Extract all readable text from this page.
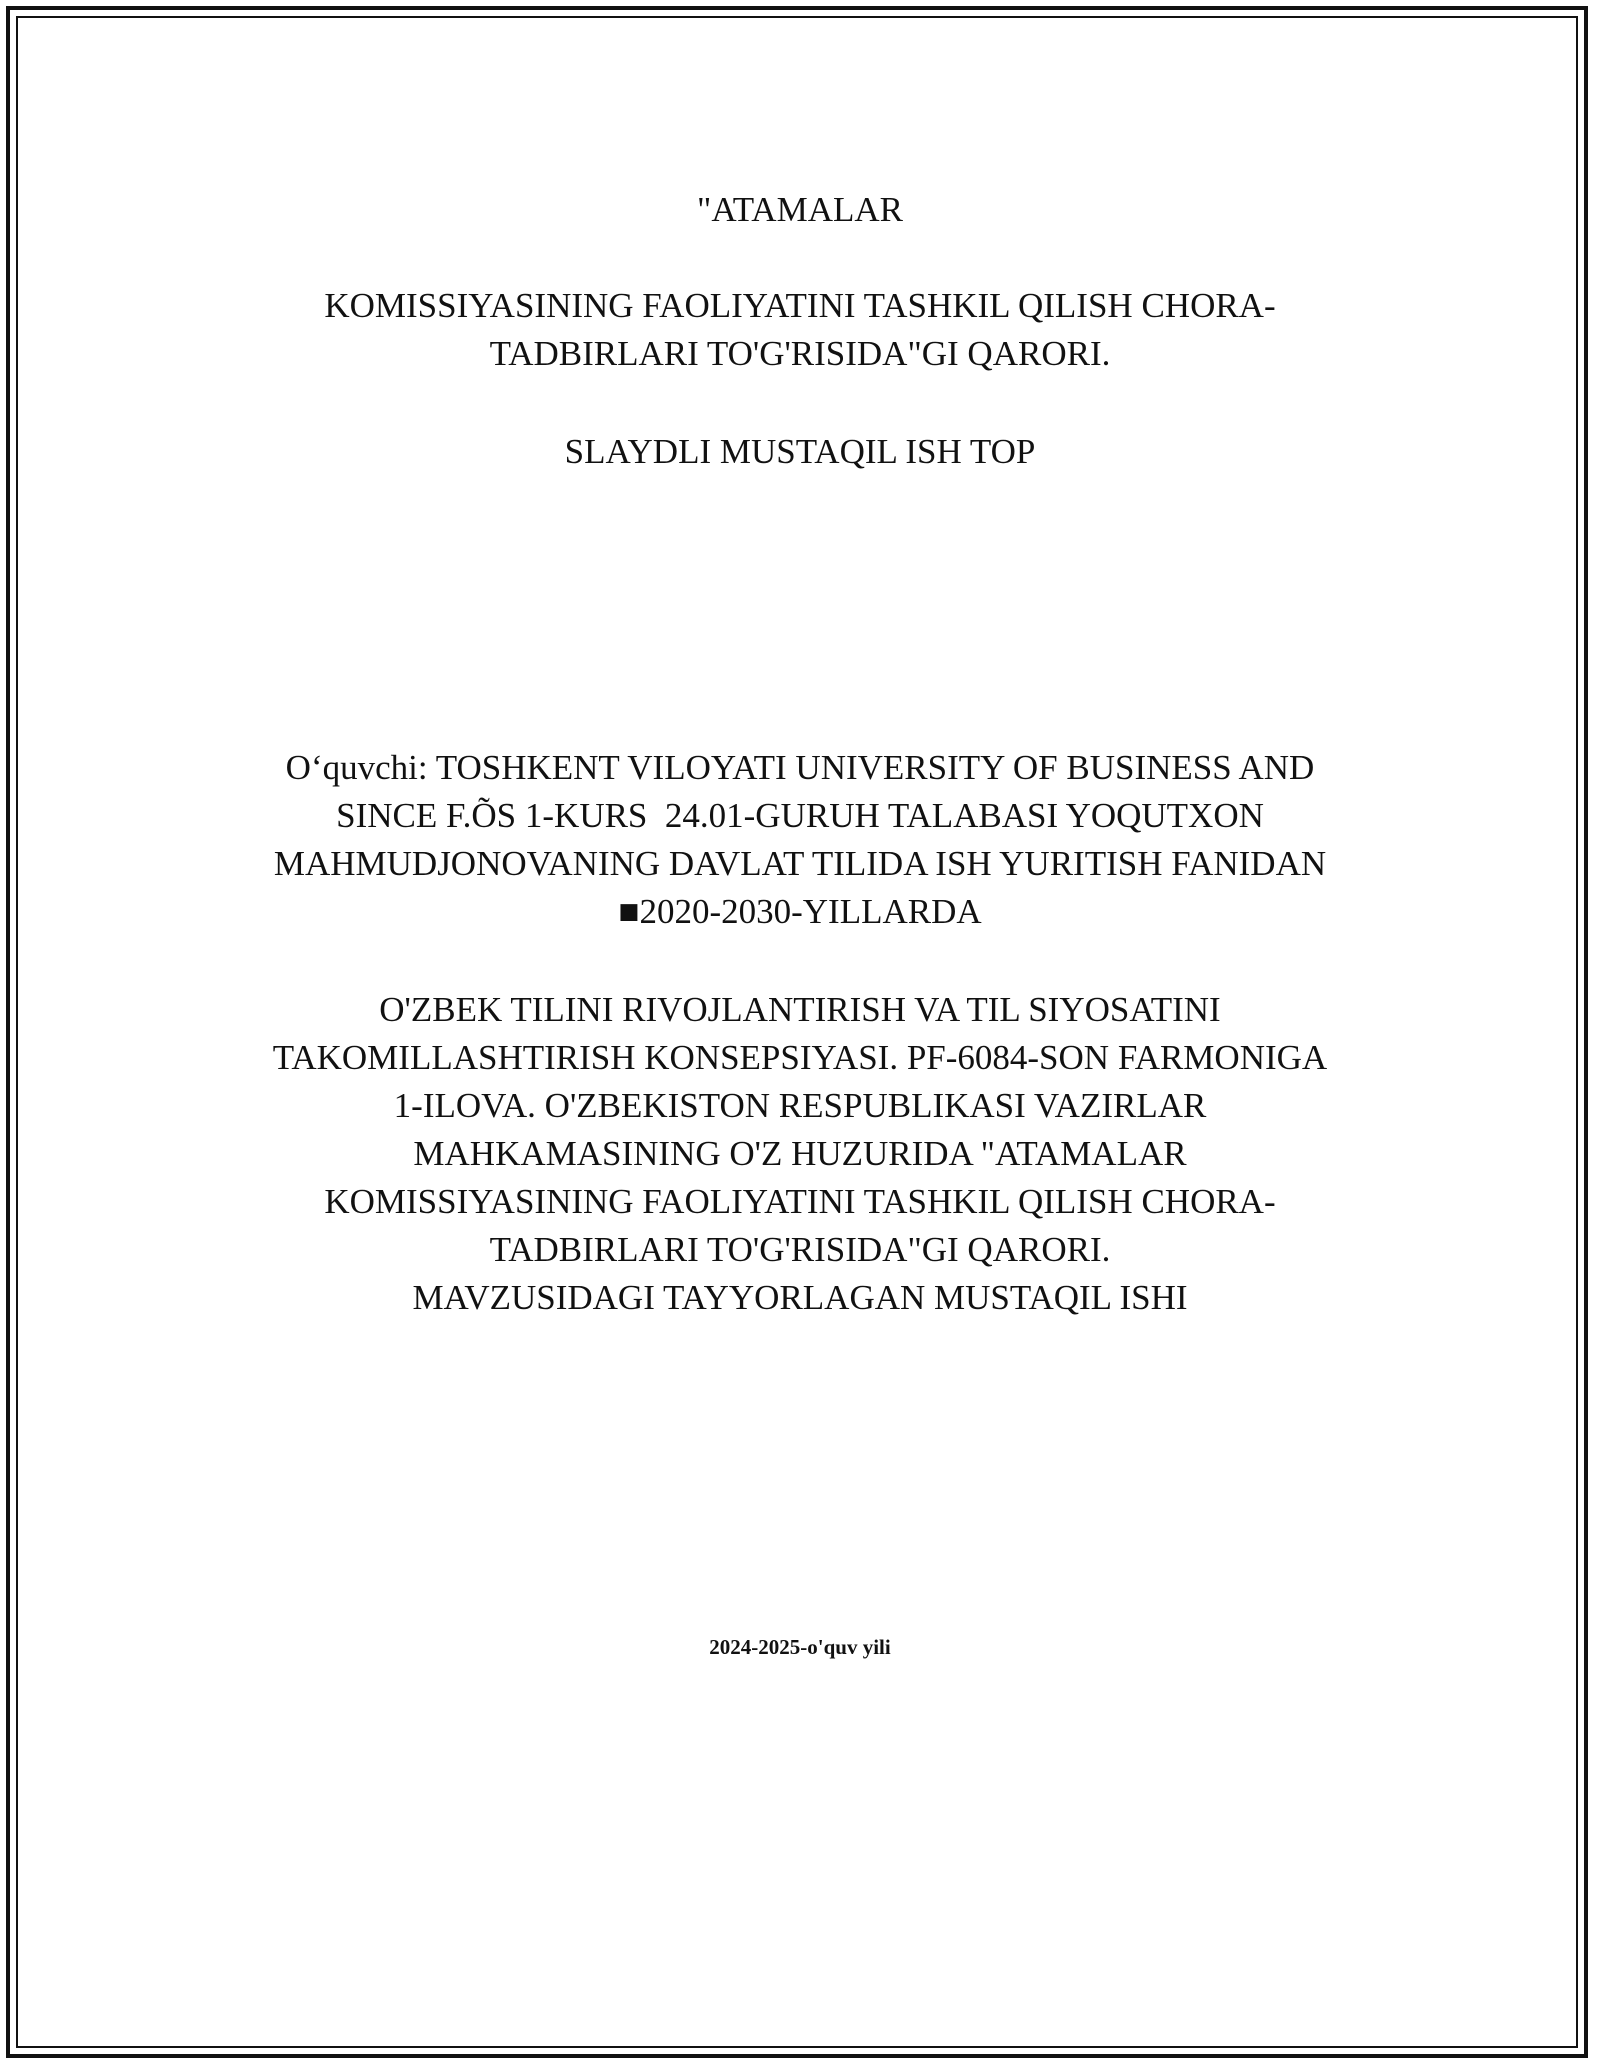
"ATAMALAR
KOMISSIYASINING FAOLIYATINI TASHKIL QILISH CHORA-
TADBIRLARI TO'G'RISIDA"GI QARORI.
SLAYDLI MUSTAQIL ISH TOP
O‘quvchi: TOSHKENT VILOYATI UNIVERSITY OF BUSINESS AND
SINCE F.ÕS 1-KURS  24.01-GURUH TALABASI YOQUTXON
MAHMUDJONOVANING DAVLAT TILIDA ISH YURITISH FANIDAN
■2020-2030-YILLARDA
O'ZBEK TILINI RIVOJLANTIRISH VA TIL SIYOSATINI
TAKOMILLASHTIRISH KONSEPSIYASI. PF-6084-SON FARMONIGA
1-ILOVA. O'ZBEKISTON RESPUBLIKASI VAZIRLAR
MAHKAMASINING O'Z HUZURIDA "ATAMALAR
KOMISSIYASINING FAOLIYATINI TASHKIL QILISH CHORA-
TADBIRLARI TO'G'RISIDA"GI QARORI.
MAVZUSIDAGI TAYYORLAGAN MUSTAQIL ISHI
2024-2025-o'quv yili
